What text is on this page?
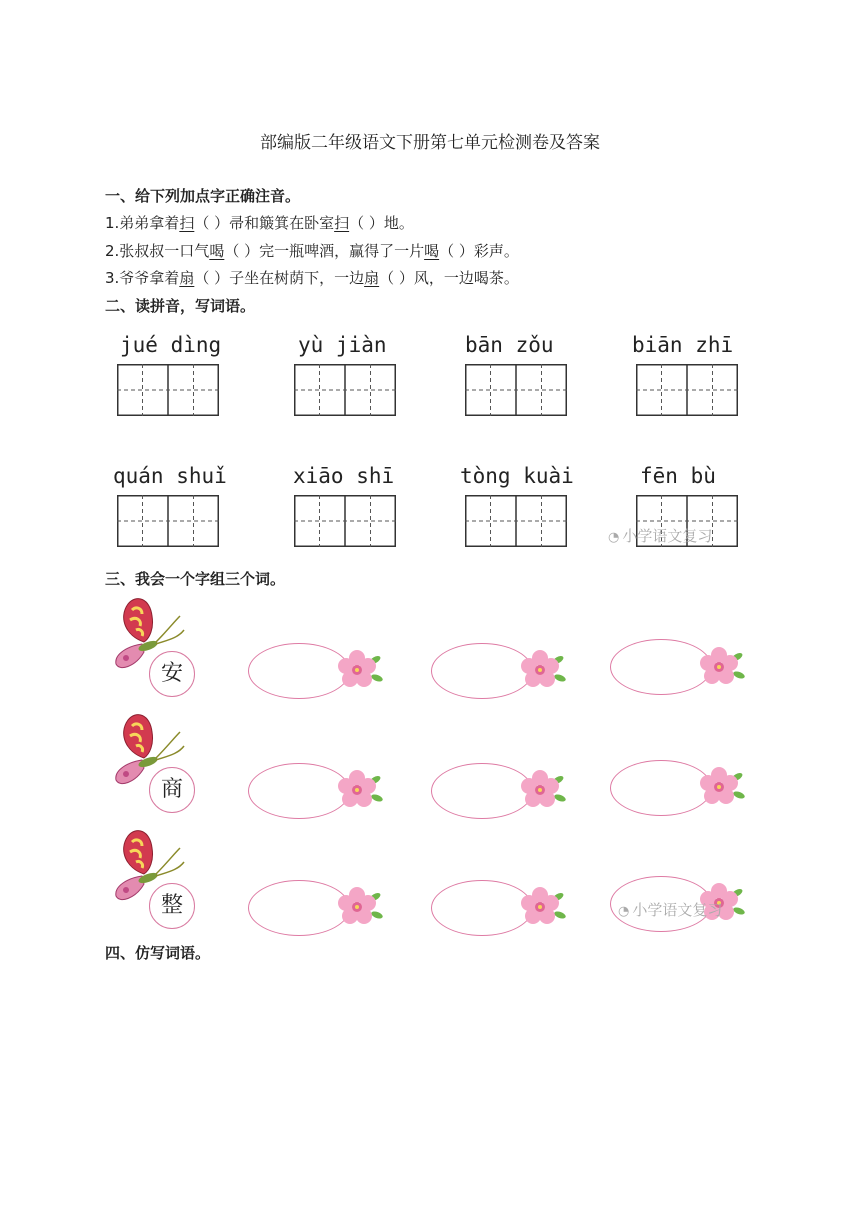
部编版二年级语文下册第七单元检测卷及答案
一、给下列加点字正确注音。
1.弟弟拿着扫（ ）帚和簸箕在卧室扫（ ）地。
2.张叔叔一口气喝（ ）完一瓶啤酒，赢得了一片喝（ ）彩声。
3.爷爷拿着扇（ ）子坐在树荫下，一边扇（ ）风，一边喝茶。
二、读拼音，写词语。
jué dìng	yù jiàn	bān zǒu	biān zhī
quán shuǐ	xiāo shī	tòng kuài	fēn bù
◔ 小学语文复习
三、我会一个字组三个词。
安
商
整	◔ 小学语文复习
四、仿写词语。
